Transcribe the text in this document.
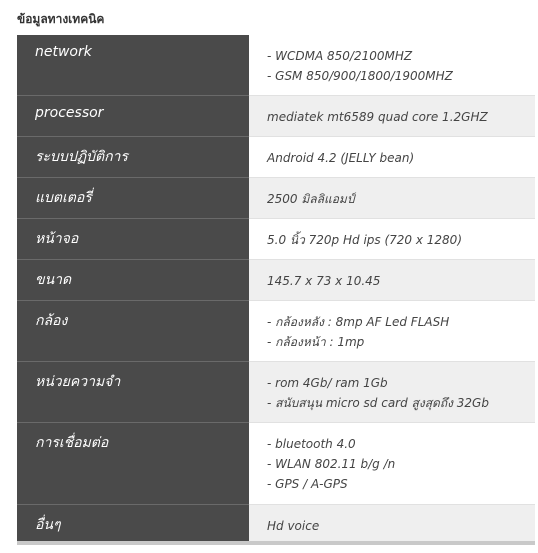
ข้อมูลทางเทคนิค
network	- WCDMA 850/2100MHZ

- GSM 850/900/1800/1900MHZ

processor	mediatek mt6589 quad core 1.2GHZ

ระบบปฏิบัติการ	Android 4.2 (JELLY bean)

แบตเตอรี่	2500 มิลลิแอมป์

หน้าจอ	5.0 นิ้ว 720p Hd ips (720 x 1280)

ขนาด	145.7 x 73 x 10.45

กล้อง	- กล้องหลัง : 8mp AF Led FLASH

- กล้องหน้า : 1mp

หน่วยความจำ	- rom 4Gb/ ram 1Gb

- สนับสนุน micro sd card สูงสุดถึง 32Gb

การเชื่อมต่อ	- bluetooth 4.0

- WLAN 802.11 b/g /n

- GPS / A-GPS

อื่นๆ	Hd voice
